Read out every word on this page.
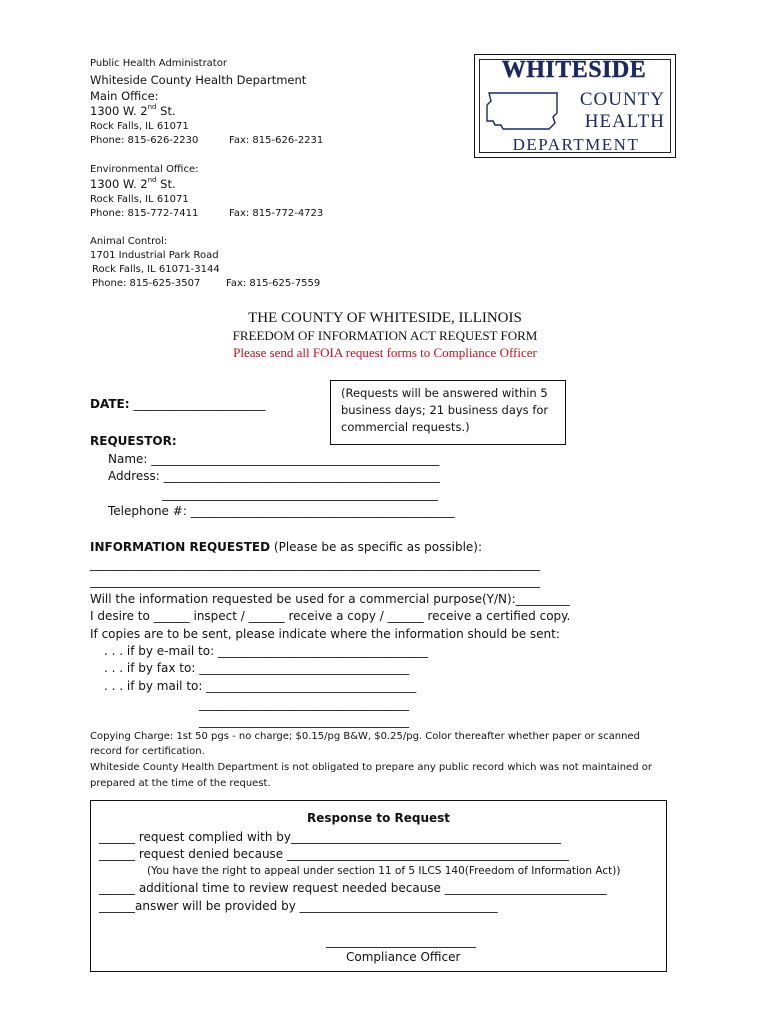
Public Health Administrator
Whiteside County Health Department
Main Office:
1300 W. 2nd St.
Rock Falls, IL 61071
Phone: 815-626-2230	Fax: 815-626-2231
Environmental Office:
1300 W. 2nd St.
Rock Falls, IL 61071
Phone: 815-772-7411	Fax: 815-772-4723
Animal Control:
1701 Industrial Park Road
Rock Falls, IL 61071-3144
Phone: 815-625-3507	Fax: 815-625-7559
WHITESIDE
COUNTY
HEALTH
DEPARTMENT
THE COUNTY OF WHITESIDE, ILLINOIS
FREEDOM OF INFORMATION ACT REQUEST FORM
Please send all FOIA request forms to Compliance Officer
DATE: ______________________
(Requests will be answered within 5 business days; 21 business days for commercial requests.)
REQUESTOR:
Name: ________________________________________________
Address: ______________________________________________
______________________________________________
Telephone #: ____________________________________________
INFORMATION REQUESTED (Please be as specific as possible):
___________________________________________________________________________
___________________________________________________________________________
Will the information requested be used for a commercial purpose(Y/N):_________
I desire to ______ inspect / ______ receive a copy / ______ receive a certified copy.
If copies are to be sent, please indicate where the information should be sent:
. . . if by e-mail to: ___________________________________
. . . if by fax to: ___________________________________
. . . if by mail to: ___________________________________
___________________________________
___________________________________
Copying Charge: 1st 50 pgs - no charge; $0.15/pg B&W, $0.25/pg. Color thereafter whether paper or scanned
record for certification.
Whiteside County Health Department is not obligated to prepare any public record which was not maintained or
prepared at the time of the request.
Response to Request
______ request complied with by_____________________________________________
______ request denied because _______________________________________________
(You have the right to appeal under section 11 of 5 ILCS 140(Freedom of Information Act))
______ additional time to review request needed because ___________________________
______answer will be provided by _________________________________
_________________________
Compliance Officer
